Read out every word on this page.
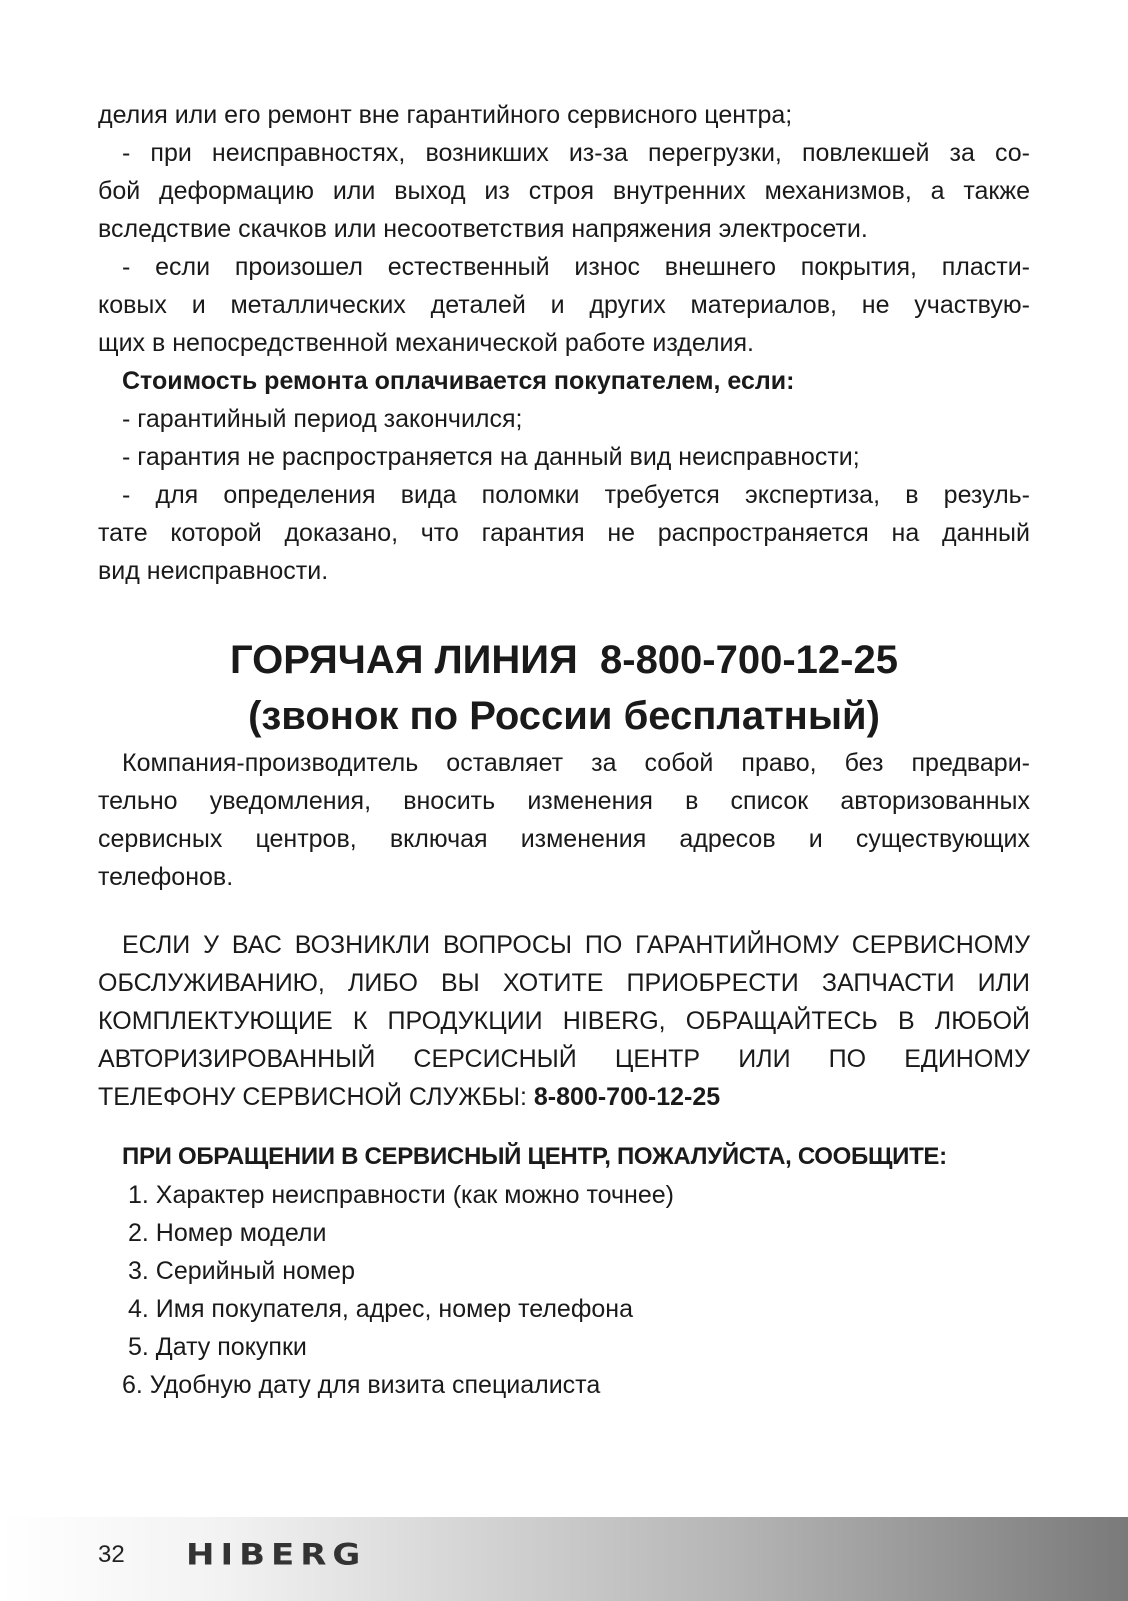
делия или его ремонт вне гарантийного сервисного центра;

- при неисправностях, возникших из-за перегрузки, повлекшей за со-

бой деформацию или выход из строя внутренних механизмов, а также

вследствие скачков или несоответствия напряжения электросети.

- если произошел естественный износ внешнего покрытия, пласти-

ковых и металлических деталей и других материалов, не участвую-

щих в непосредственной механической работе изделия.

Стоимость ремонта оплачивается покупателем, если:

- гарантийный период закончился;

- гарантия не распространяется на данный вид неисправности;

- для определения вида поломки требуется экспертиза, в резуль-

тате которой доказано, что гарантия не распространяется на данный

вид неисправности.

ГОРЯЧАЯ ЛИНИЯ  8-800-700-12-25
(звонок по России бесплатный)

Компания-производитель оставляет за собой право, без предвари-

тельно уведомления, вносить изменения в список авторизованных

сервисных центров, включая изменения адресов и существующих

телефонов.

ЕСЛИ У ВАС ВОЗНИКЛИ ВОПРОСЫ ПО ГАРАНТИЙНОМУ СЕРВИСНОМУ

ОБСЛУЖИВАНИЮ, ЛИБО ВЫ ХОТИТЕ ПРИОБРЕСТИ ЗАПЧАСТИ ИЛИ

КОМПЛЕКТУЮЩИЕ К ПРОДУКЦИИ HIBERG, ОБРАЩАЙТЕСЬ В ЛЮБОЙ

АВТОРИЗИРОВАННЫЙ СЕРСИСНЫЙ ЦЕНТР ИЛИ ПО ЕДИНОМУ

ТЕЛЕФОНУ СЕРВИСНОЙ СЛУЖБЫ: 8-800-700-12-25

ПРИ ОБРАЩЕНИИ В СЕРВИСНЫЙ ЦЕНТР, ПОЖАЛУЙСТА, СООБЩИТЕ:

1. Характер неисправности (как можно точнее)

2. Номер модели

3. Серийный номер

4. Имя покупателя, адрес, номер телефона

5. Дату покупки

6. Удобную дату для визита специалиста

32 HIBERG
